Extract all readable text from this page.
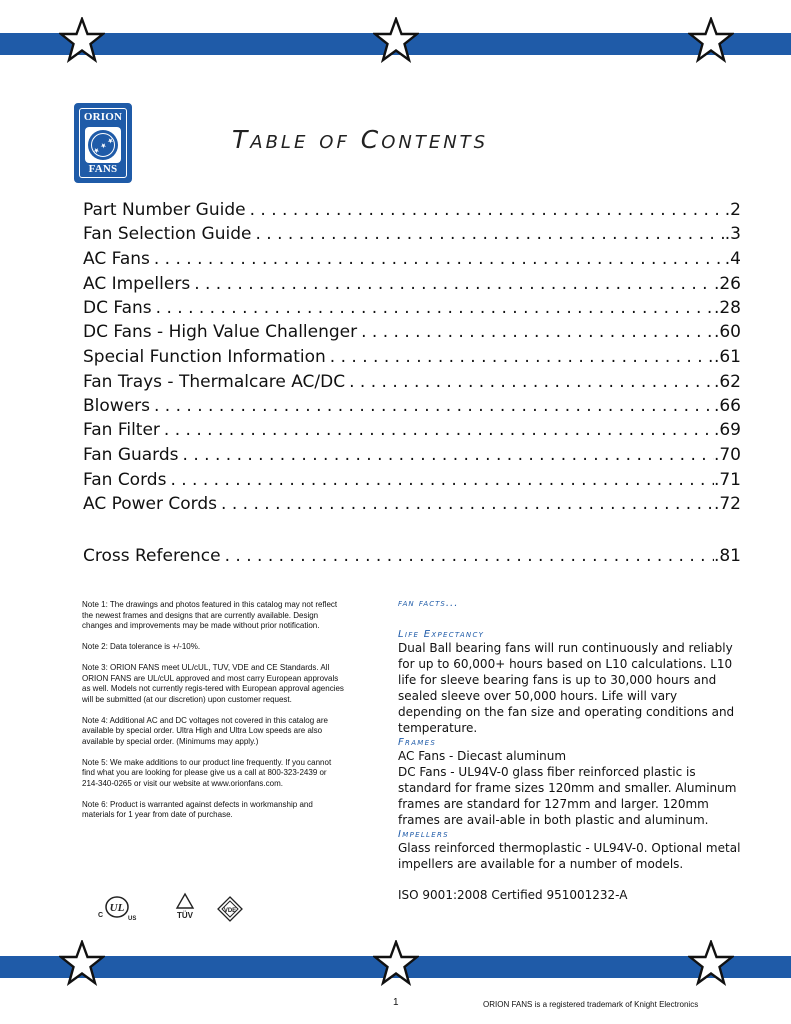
ORION
★ ★ ★
FANS
Table of Contents
Part Number Guide . . .	.2
Fan Selection Guide . . .	.3
AC Fans . . .	.4
AC Impellers . . .	.26
DC Fans . . .	.28
DC Fans - High Value Challenger . . .	.60
Special Function Information . . .	.61
Fan Trays - Thermalcare AC/DC . . .	.62
Blowers . . .	.66
Fan Filter . . .	.69
Fan Guards . . .	.70
Fan Cords . . .	.71
AC Power Cords . . .	.72
Cross Reference . . .	.81

Note 1: The drawings and photos featured in this catalog may not reflect the newest frames and designs that are currently available. Design changes and improvements may be made without prior notification.

Note 2: Data tolerance is +/-10%.

Note 3: ORION FANS meet UL/cUL, TUV, VDE and CE Standards. All ORION FANS are UL/cUL approved and most carry European approvals as well. Models not currently regis-tered with European approval agencies will be submitted (at our discretion) upon customer request.

Note 4: Additional AC and DC voltages not covered in this catalog are available by special order. Ultra High and Ultra Low speeds are also available by special order. (Minimums may apply.)

Note 5: We make additions to our product line frequently. If you cannot find what you are looking for please give us a call at 800-323-2439 or 214-340-0265 or visit our website at www.orionfans.com.

Note 6: Product is warranted against defects in workmanship and materials for 1 year from date of purchase.

fan facts...
Life Expectancy
Dual Ball bearing fans will run continuously and reliably for up to 60,000+ hours based on L10 calculations. L10 life for sleeve bearing fans is up to 30,000 hours and sealed sleeve over 50,000 hours. Life will vary depending on the fan size and operating conditions and temperature.
Frames
AC Fans - Diecast aluminum
DC Fans - UL94V-0 glass fiber reinforced plastic is standard for frame sizes 120mm and smaller. Aluminum frames are standard for 127mm and larger. 120mm frames are avail-able in both plastic and aluminum.
Impellers
Glass reinforced thermoplastic - UL94V-0. Optional metal impellers are available for a number of models.
ISO 9001:2008 Certified 951001232-A
UL
C	US	TÜV	VDE
1	ORION FANS is a registered trademark of Knight Electronics
